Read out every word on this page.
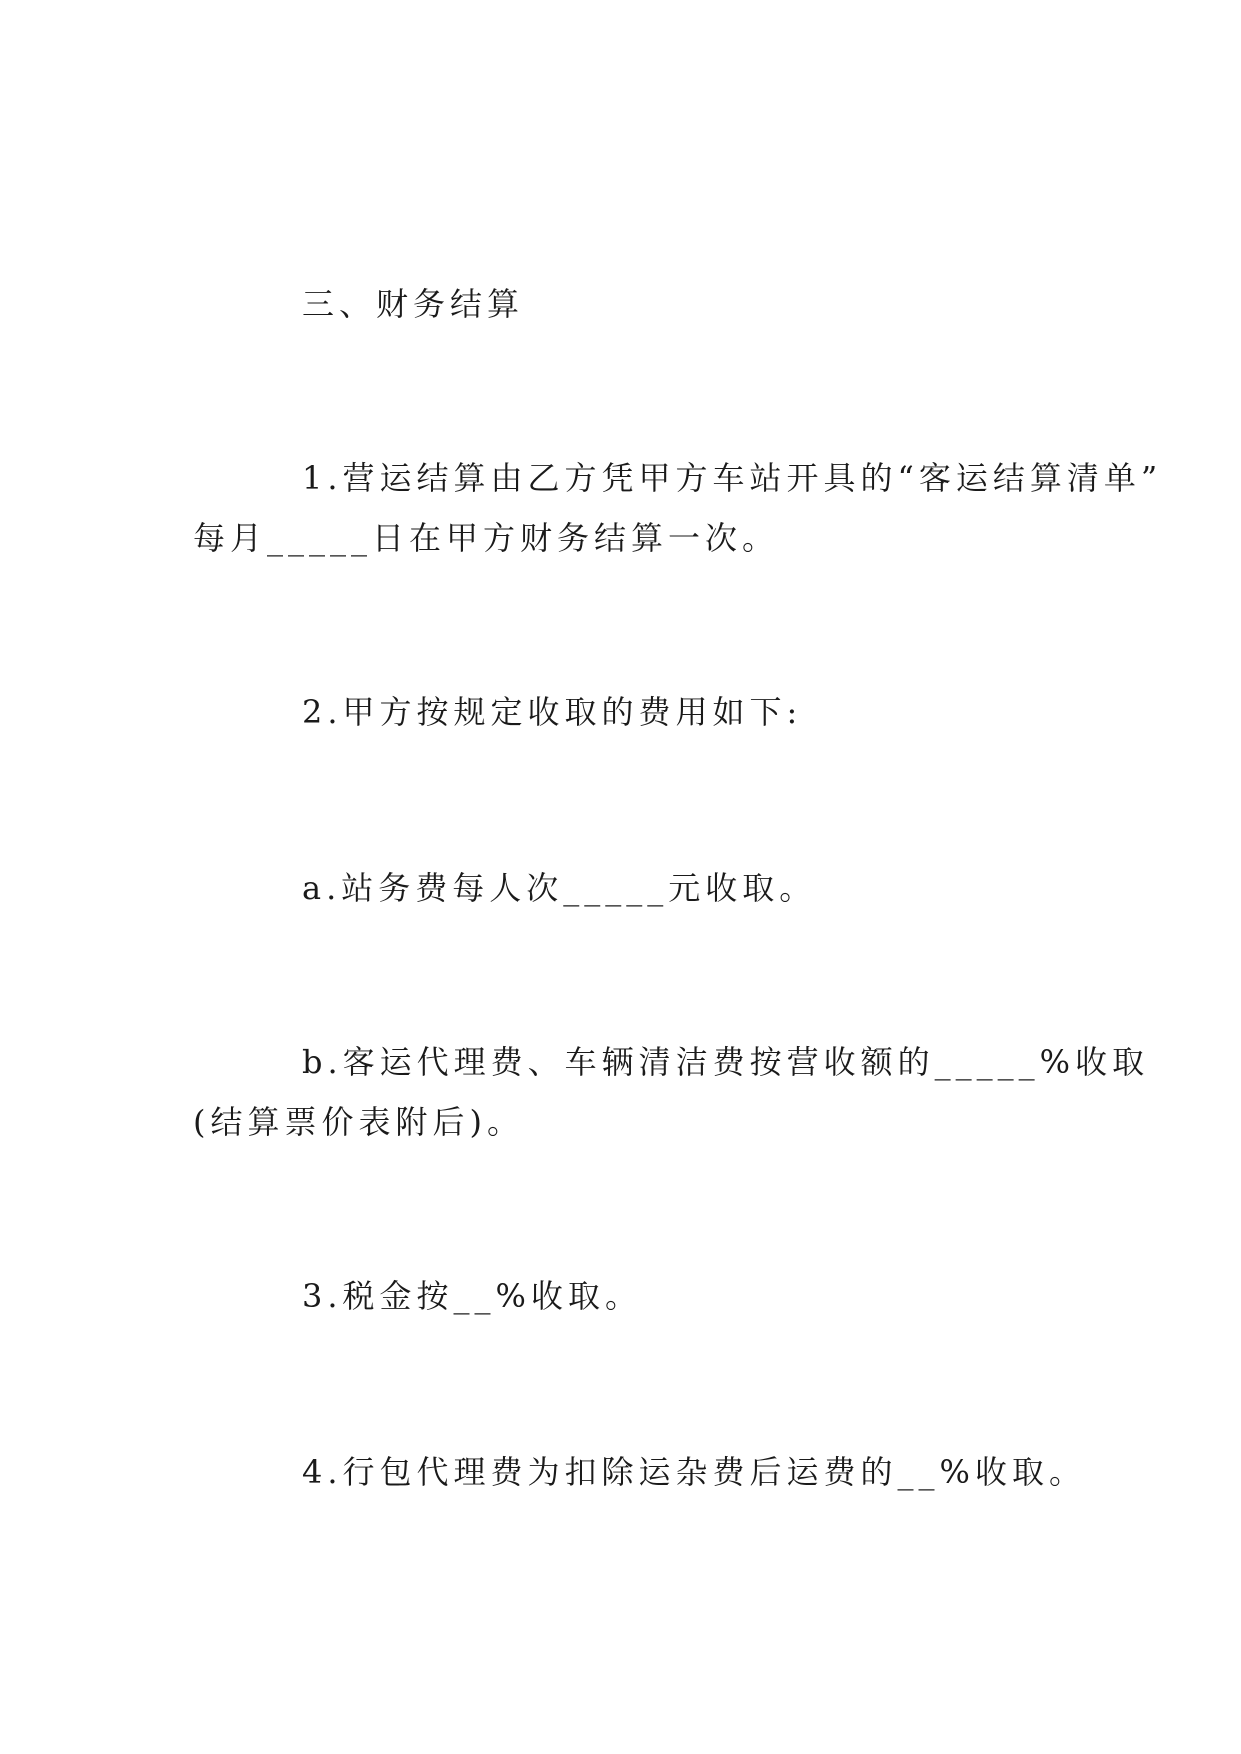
三、财务结算

1.营运结算由乙方凭甲方车站开具的“客运结算清单”

每月_____日在甲方财务结算一次。

2.甲方按规定收取的费用如下:

a.站务费每人次_____元收取。

b.客运代理费、车辆清洁费按营收额的_____%收取

(结算票价表附后)。

3.税金按__%收取。

4.行包代理费为扣除运杂费后运费的__%收取。
